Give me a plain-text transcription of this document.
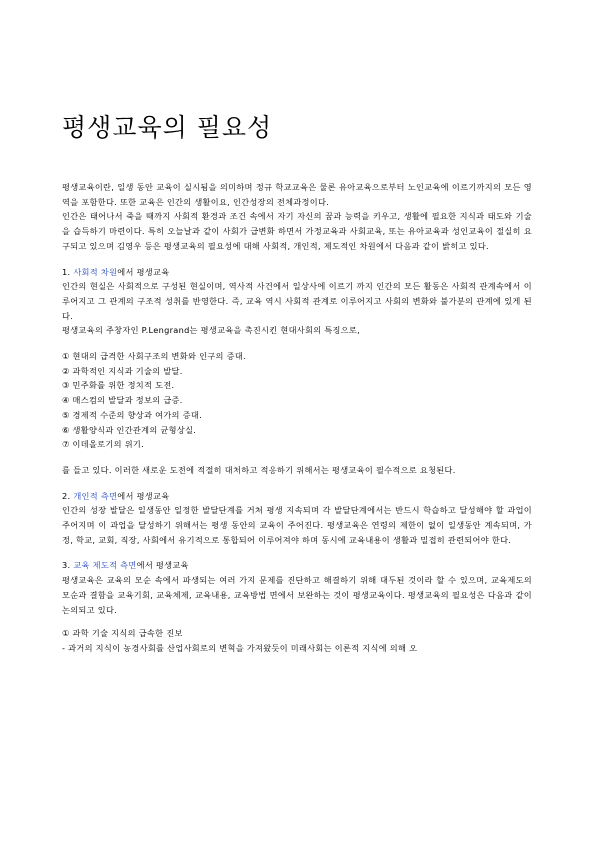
평생교육의 필요성

평생교육이란, 일생 동안 교육이 실시됨을 의미하며 정규 학교교육은 물론 유아교육으로부터 노인교육에 이르기까지의 모든 영역을 포함한다. 또한 교육은 인간의 생활이요, 인간성장의 전체과정이다.

인간은 태어나서 죽을 때까지 사회적 환경과 조건 속에서 자기 자신의 꿈과 능력을 키우고, 생활에 필요한 지식과 태도와 기술을 습득하기 마련이다. 특히 오늘날과 같이 사회가 급변화 하면서 가정교육과 사회교육, 또는 유아교육과 성인교육이 절실히 요구되고 있으며 김영우 등은 평생교육의 필요성에 대해 사회적, 개인적, 제도적인 차원에서 다음과 같이 밝히고 있다.

1. 사회적 차원에서 평생교육

인간의 현실은 사회적으로 구성된 현실이며, 역사적 사건에서 일상사에 이르기 까지 인간의 모든 활동은 사회적 관계속에서 이루어지고 그 관계의 구조적 성취를 반영한다. 즉, 교육 역시 사회적 관계로 이루어지고 사회의 변화와 불가분의 관계에 있게 된다.

평생교육의 주창자인 P.Lengrand는 평생교육을 촉진시킨 현대사회의 특징으로,

① 현대의 급격한 사회구조의 변화와 인구의 증대.
② 과학적인 지식과 기술의 발달.
③ 민주화를 위한 정치적 도전.
④ 매스컴의 발달과 정보의 급증.
⑤ 경제적 수준의 향상과 여가의 증대.
⑥ 생활양식과 인간관계의 균형상실.
⑦ 이데올로기의 위기.

를 들고 있다. 이러한 새로운 도전에 적절히 대처하고 적응하기 위해서는 평생교육이 필수적으로 요청된다.

2. 개인적 측면에서 평생교육

인간의 성장 발달은 일생동안 일정한 발달단계를 거쳐 평생 지속되며 각 발달단계에서는 반드시 학습하고 달성해야 할 과업이 주어지며 이 과업을 달성하기 위해서는 평생 동안의 교육이 주어진다. 평생교육은 연령의 제한이 없이 일생동안 계속되며, 가정, 학교, 교회, 직장, 사회에서 유기적으로 통합되어 이루어져야 하며 동시에 교육내용이 생활과 밀접히 관련되어야 한다.

3. 교육 제도적 측면에서 평생교육

평생교육은 교육의 모순 속에서 파생되는 여러 가지 문제를 진단하고 해결하기 위해 대두된 것이라 할 수 있으며, 교육제도의 모순과 결함을 교육기회, 교육체제, 교육내용, 교육방법 면에서 보완하는 것이 평생교육이다. 평생교육의 필요성은 다음과 같이 논의되고 있다.

① 과학 기술 지식의 급속한 진보

- 과거의 지식이 농경사회를 산업사회로의 변혁을 가져왔듯이 미래사회는 이론적 지식에 의해 오
